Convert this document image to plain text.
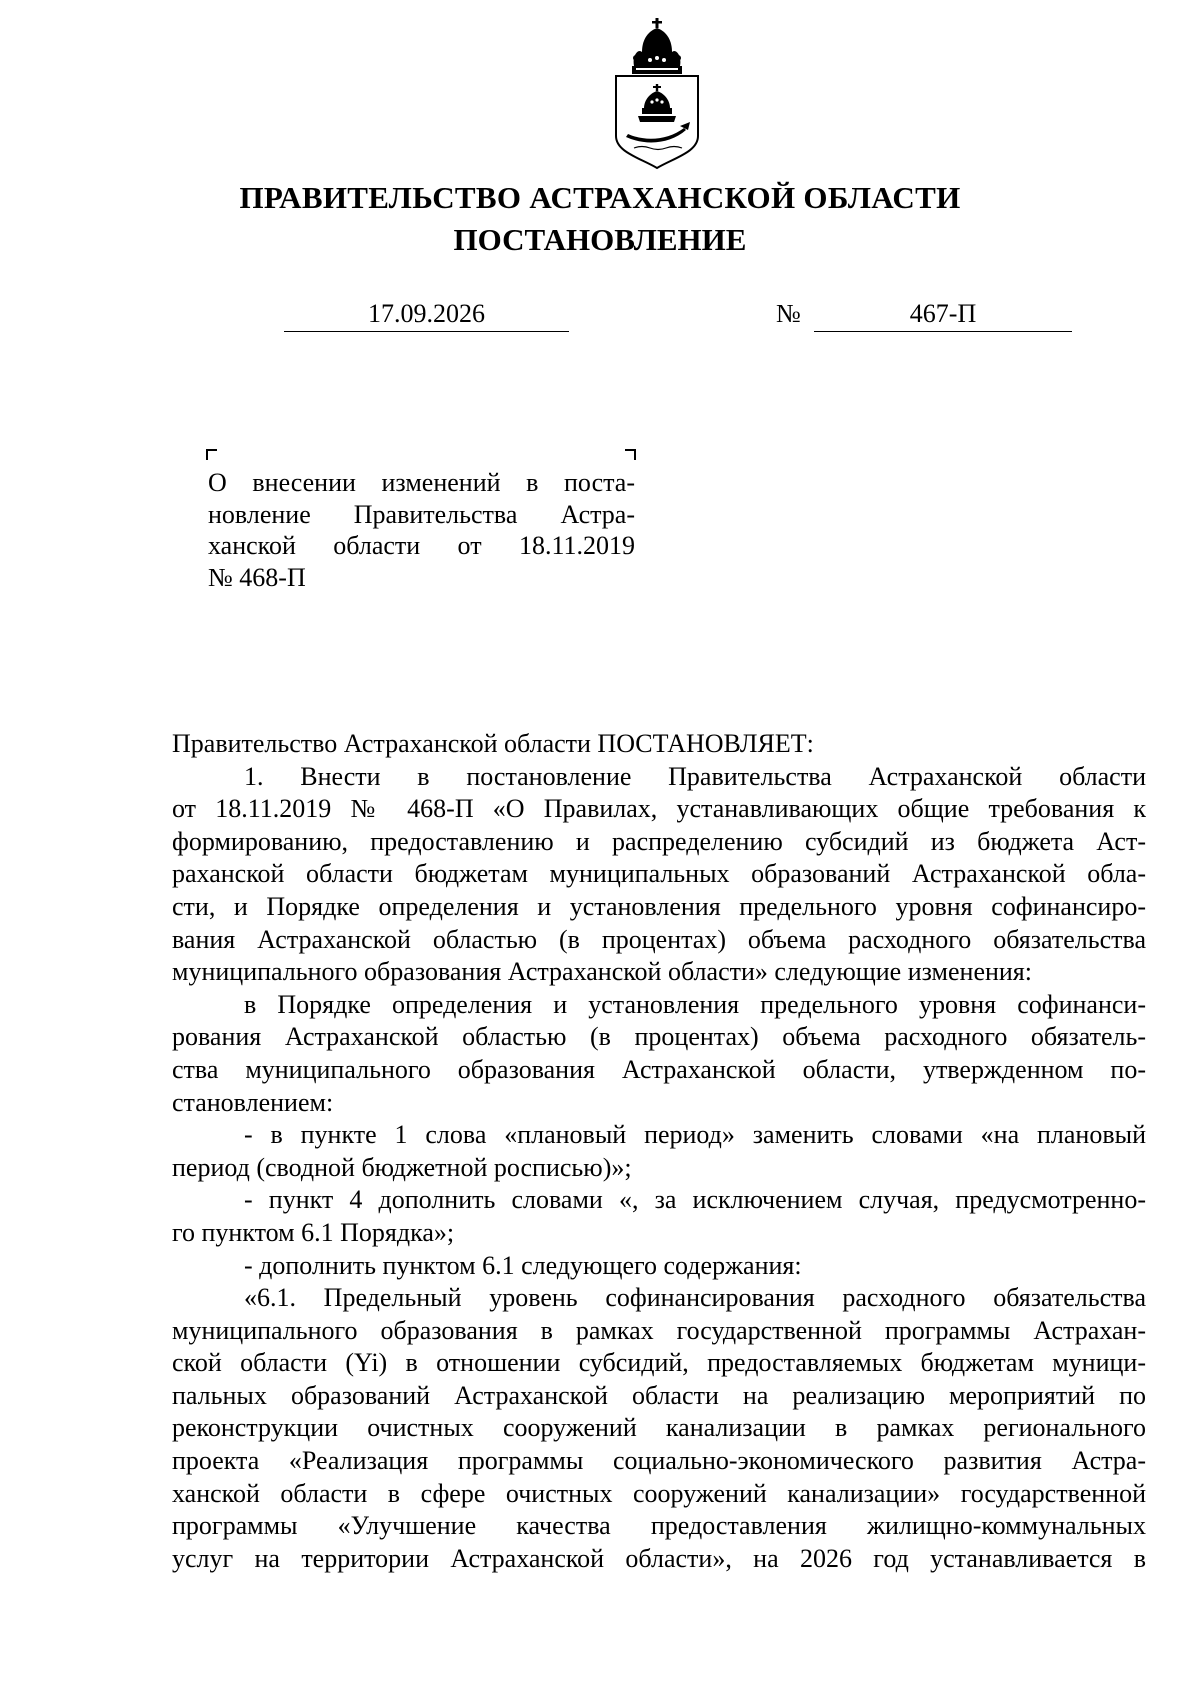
ПРАВИТЕЛЬСТВО АСТРАХАНСКОЙ ОБЛАСТИ
ПОСТАНОВЛЕНИЕ
17.09.2026	№	467-П
О внесении изменений в поста-
новление Правительства Астра-
ханской области от 18.11.2019
№ 468-П
Правительство Астраханской области ПОСТАНОВЛЯЕТ:
1. Внести в постановление Правительства Астраханской области
от 18.11.2019 № 468-П «О Правилах, устанавливающих общие требования к
формированию, предоставлению и распределению субсидий из бюджета Аст-
раханской области бюджетам муниципальных образований Астраханской обла-
сти, и Порядке определения и установления предельного уровня софинансиро-
вания Астраханской областью (в процентах) объема расходного обязательства
муниципального образования Астраханской области» следующие изменения:
в Порядке определения и установления предельного уровня софинанси-
рования Астраханской областью (в процентах) объема расходного обязатель-
ства муниципального образования Астраханской области, утвержденном по-
становлением:
- в пункте 1 слова «плановый период» заменить словами «на плановый
период (сводной бюджетной росписью)»;
- пункт 4 дополнить словами «, за исключением случая, предусмотренно-
го пунктом 6.1 Порядка»;
- дополнить пунктом 6.1 следующего содержания:
«6.1. Предельный уровень софинансирования расходного обязательства
муниципального образования в рамках государственной программы Астрахан-
ской области (Yi) в отношении субсидий, предоставляемых бюджетам муници-
пальных образований Астраханской области на реализацию мероприятий по
реконструкции очистных сооружений канализации в рамках регионального
проекта «Реализация программы социально-экономического развития Астра-
ханской области в сфере очистных сооружений канализации» государственной
программы «Улучшение качества предоставления жилищно-коммунальных
услуг на территории Астраханской области», на 2026 год устанавливается в
